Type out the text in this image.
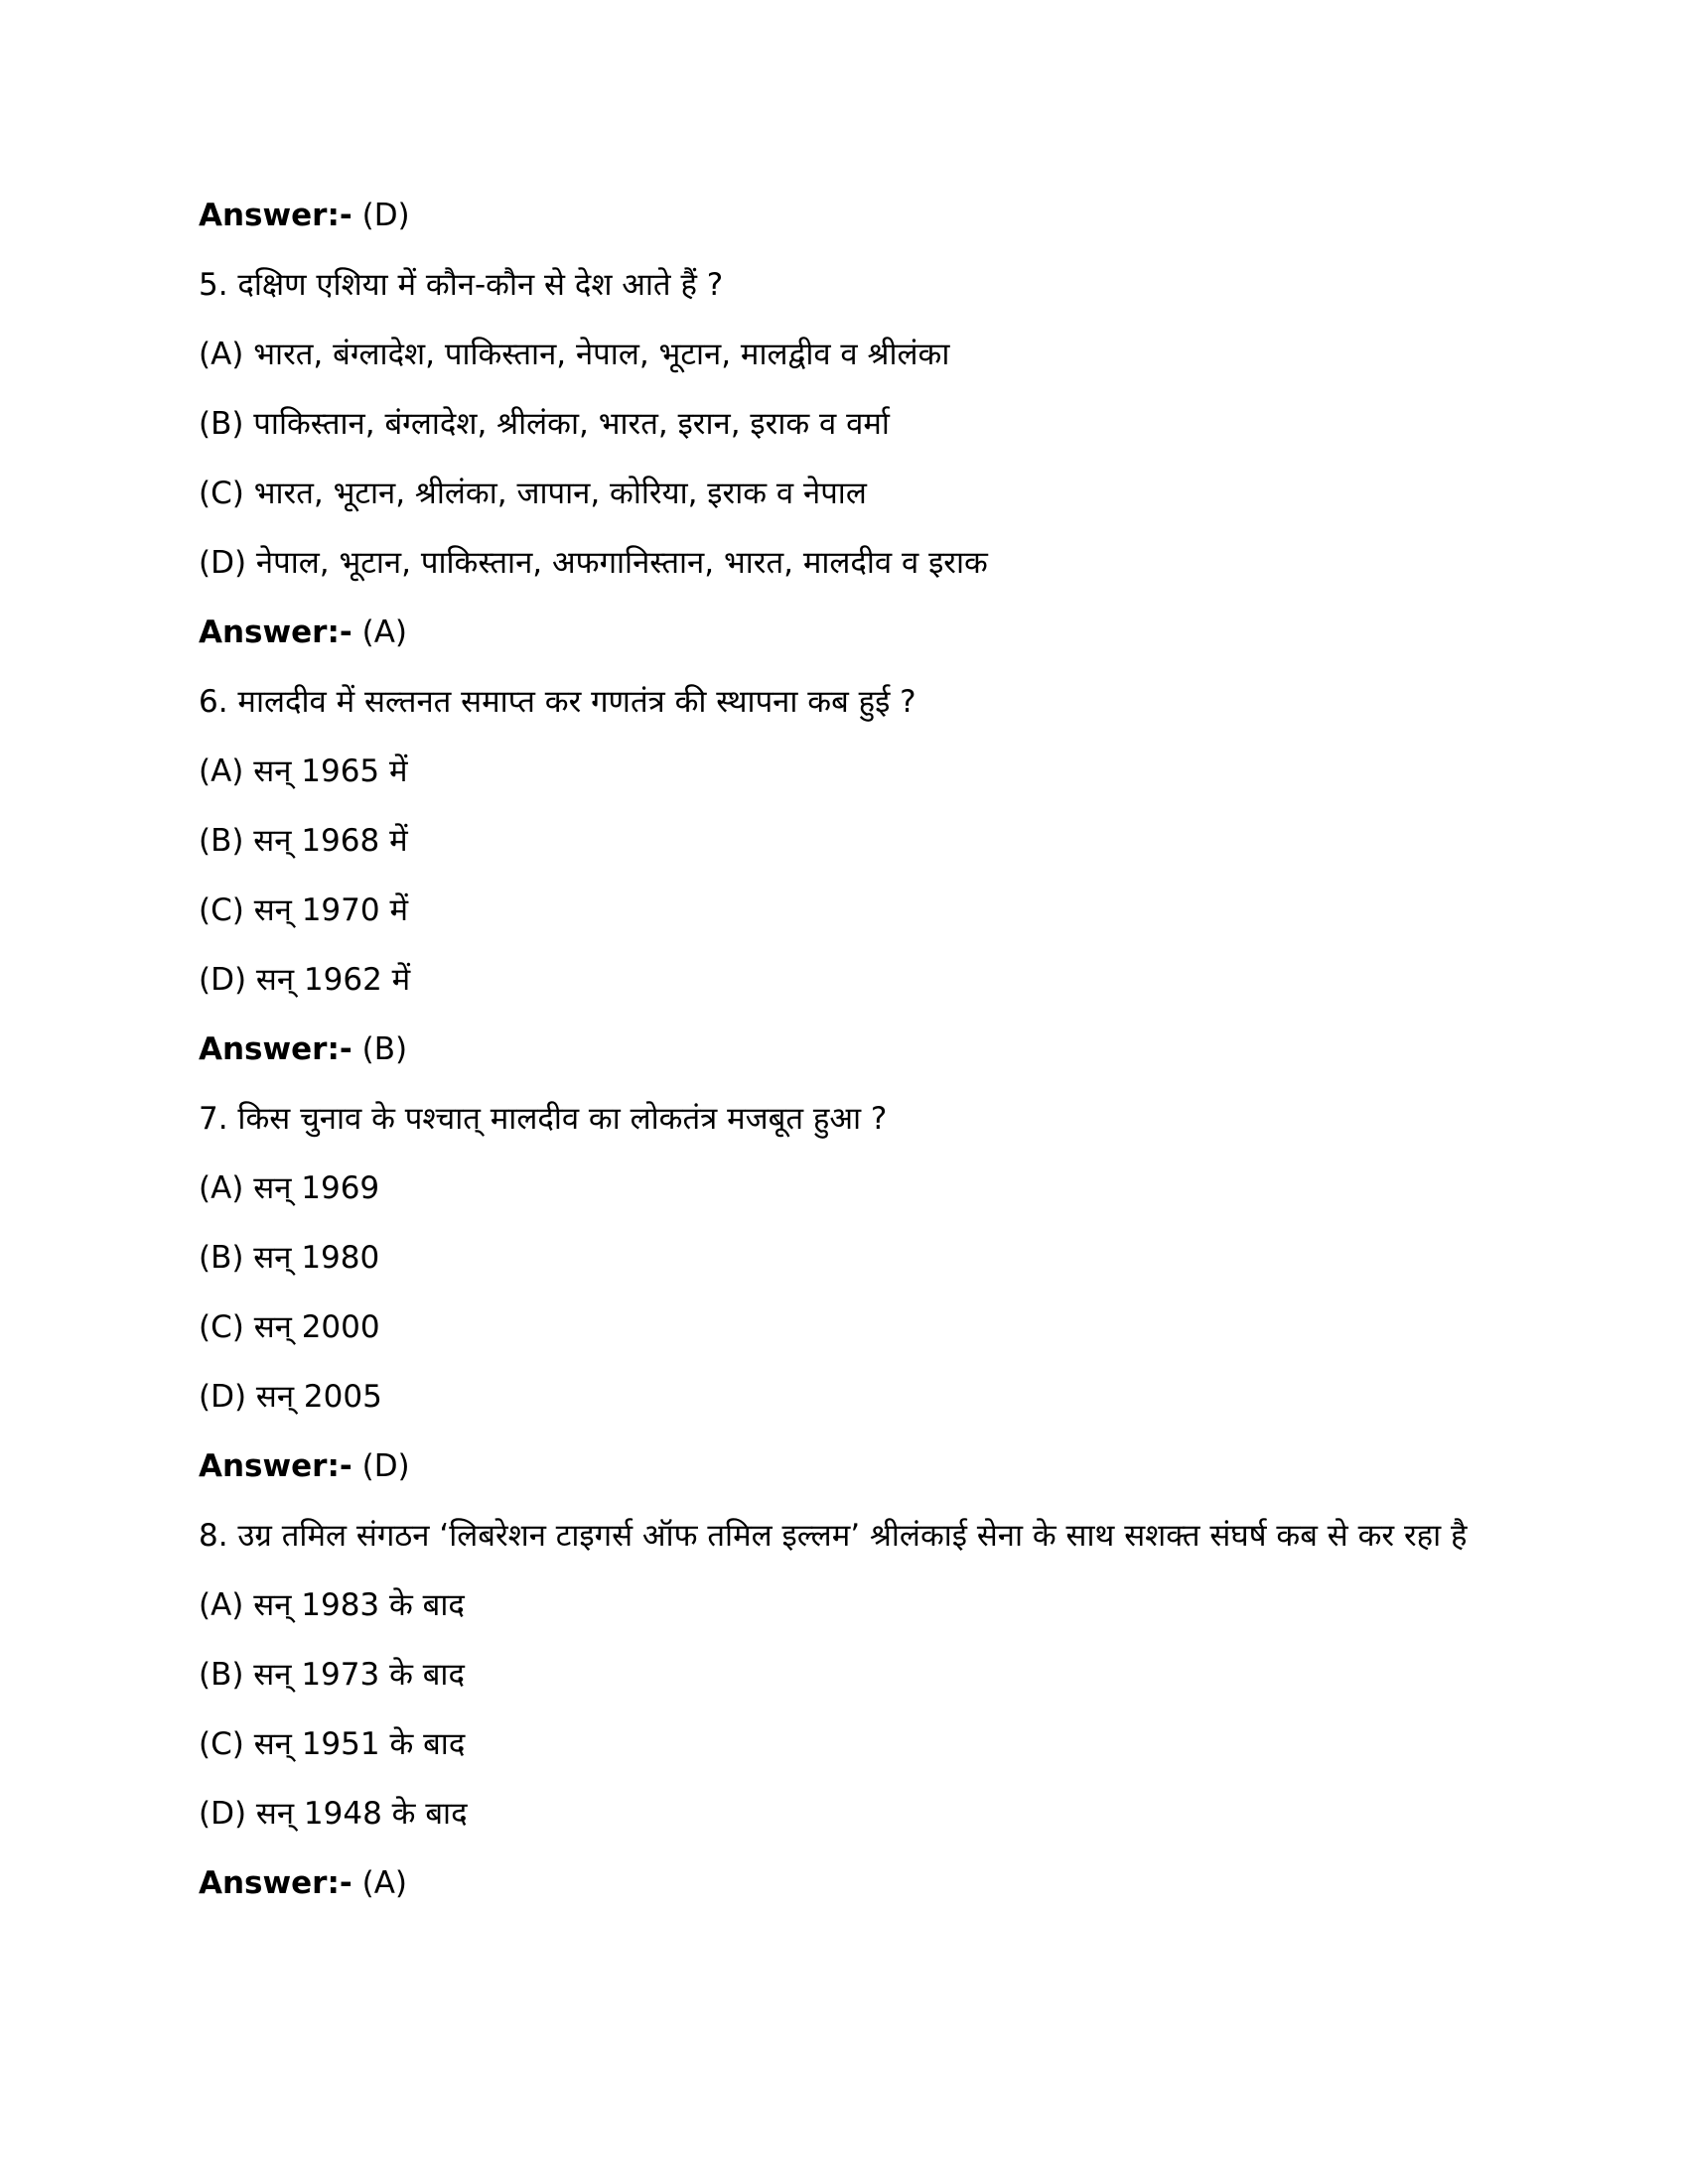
Answer:- (D)
5. दक्षिण एशिया में कौन-कौन से देश आते हैं ?
(A) भारत, बंग्लादेश, पाकिस्तान, नेपाल, भूटान, मालद्वीव व श्रीलंका
(B) पाकिस्तान, बंग्लादेश, श्रीलंका, भारत, इरान, इराक व वर्मा
(C) भारत, भूटान, श्रीलंका, जापान, कोरिया, इराक व नेपाल
(D) नेपाल, भूटान, पाकिस्तान, अफगानिस्तान, भारत, मालदीव व इराक
Answer:- (A)
6. मालदीव में सल्तनत समाप्त कर गणतंत्र की स्थापना कब हुई ?
(A) सन् 1965 में
(B) सन् 1968 में
(C) सन् 1970 में
(D) सन् 1962 में
Answer:- (B)
7. किस चुनाव के पश्चात् मालदीव का लोकतंत्र मजबूत हुआ ?
(A) सन् 1969
(B) सन् 1980
(C) सन् 2000
(D) सन् 2005
Answer:- (D)
8. उग्र तमिल संगठन ‘लिबरेशन टाइगर्स ऑफ तमिल इल्लम’ श्रीलंकाई सेना के साथ सशक्त संघर्ष कब से कर रहा है
(A) सन् 1983 के बाद
(B) सन् 1973 के बाद
(C) सन् 1951 के बाद
(D) सन् 1948 के बाद
Answer:- (A)
